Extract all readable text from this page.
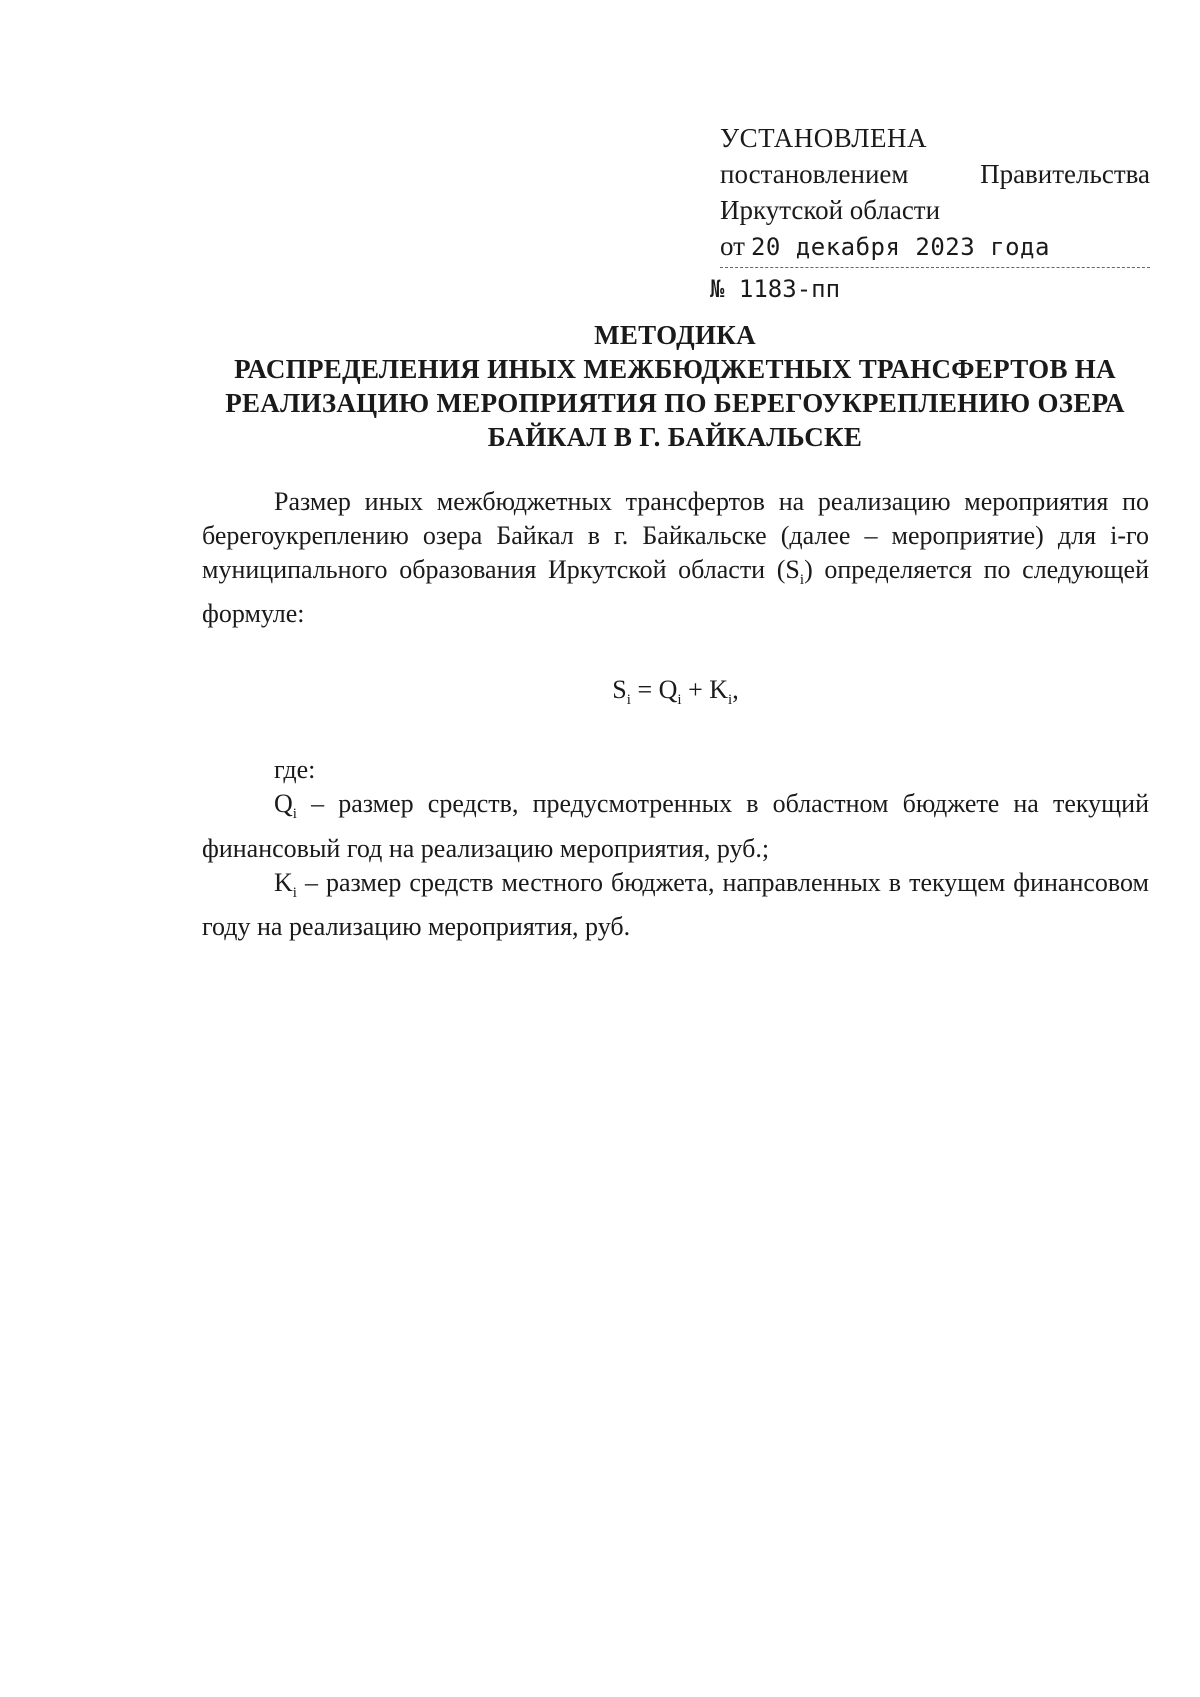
УСТАНОВЛЕНА
постановлением	Правительства
Иркутской области
от 20 декабря 2023 года
№ 1183-пп
МЕТОДИКА
РАСПРЕДЕЛЕНИЯ ИНЫХ МЕЖБЮДЖЕТНЫХ ТРАНСФЕРТОВ НА
РЕАЛИЗАЦИЮ МЕРОПРИЯТИЯ ПО БЕРЕГОУКРЕПЛЕНИЮ ОЗЕРА
БАЙКАЛ В Г. БАЙКАЛЬСКЕ

Размер иных межбюджетных трансфертов на реализацию мероприятия по берегоукреплению озера Байкал в г. Байкальске (далее – мероприятие) для i-го муниципального образования Иркутской области $(S_i)$ определяется по следующей формуле:

$S_i = Q_i + K_i$,
где:

$Q_i$ – размер средств, предусмотренных в областном бюджете на текущий финансовый год на реализацию мероприятия, руб.;

$K_i$ – размер средств местного бюджета, направленных в текущем финансовом году на реализацию мероприятия, руб.
